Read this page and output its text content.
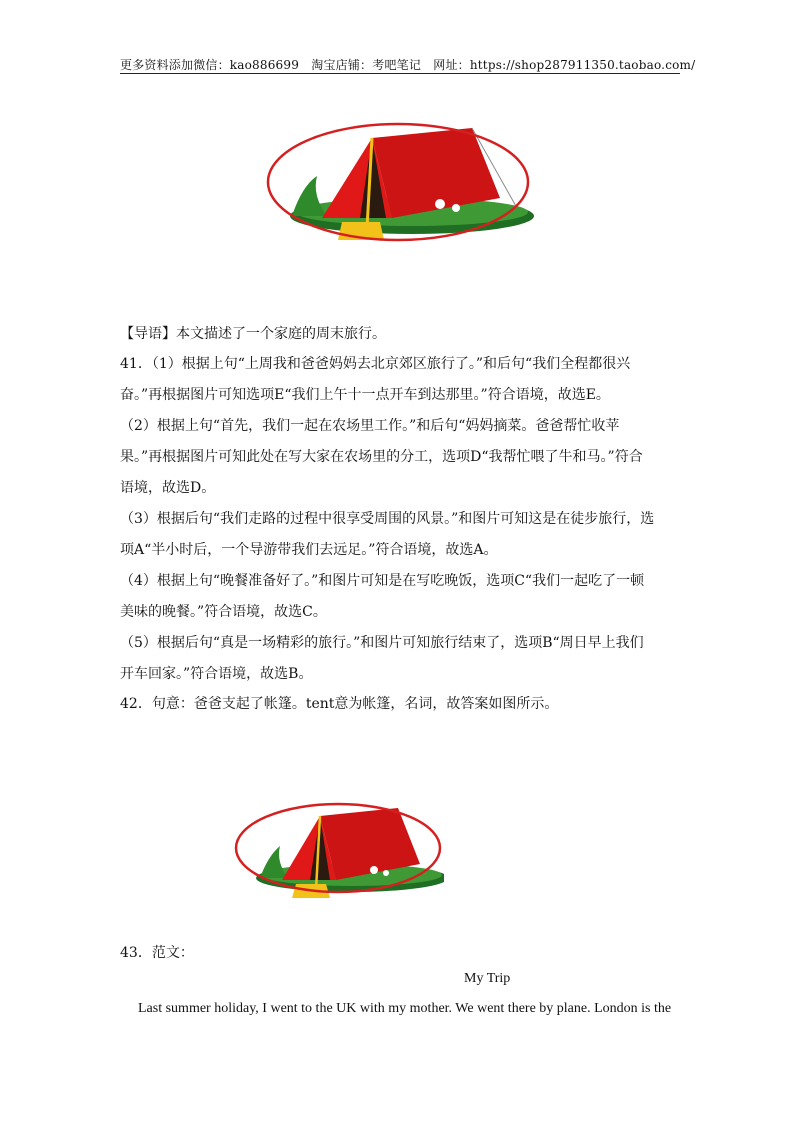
更多资料添加微信：kao886699　淘宝店铺：考吧笔记　网址：https://shop287911350.taobao.com/
【导语】本文描述了一个家庭的周末旅行。
41．（1）根据上句“上周我和爸爸妈妈去北京郊区旅行了。”和后句“我们全程都很兴
奋。”再根据图片可知选项E“我们上午十一点开车到达那里。”符合语境，故选E。
（2）根据上句“首先，我们一起在农场里工作。”和后句“妈妈摘菜。爸爸帮忙收苹
果。”再根据图片可知此处在写大家在农场里的分工，选项D“我帮忙喂了牛和马。”符合
语境，故选D。
（3）根据后句“我们走路的过程中很享受周围的风景。”和图片可知这是在徒步旅行，选
项A“半小时后，一个导游带我们去远足。”符合语境，故选A。
（4）根据上句“晚餐准备好了。”和图片可知是在写吃晚饭，选项C“我们一起吃了一顿
美味的晚餐。”符合语境，故选C。
（5）根据后句“真是一场精彩的旅行。”和图片可知旅行结束了，选项B“周日早上我们
开车回家。”符合语境，故选B。
42．句意：爸爸支起了帐篷。tent意为帐篷，名词，故答案如图所示。
43．范文：
My Trip
Last summer holiday, I went to the UK with my mother. We went there by plane. London is the
